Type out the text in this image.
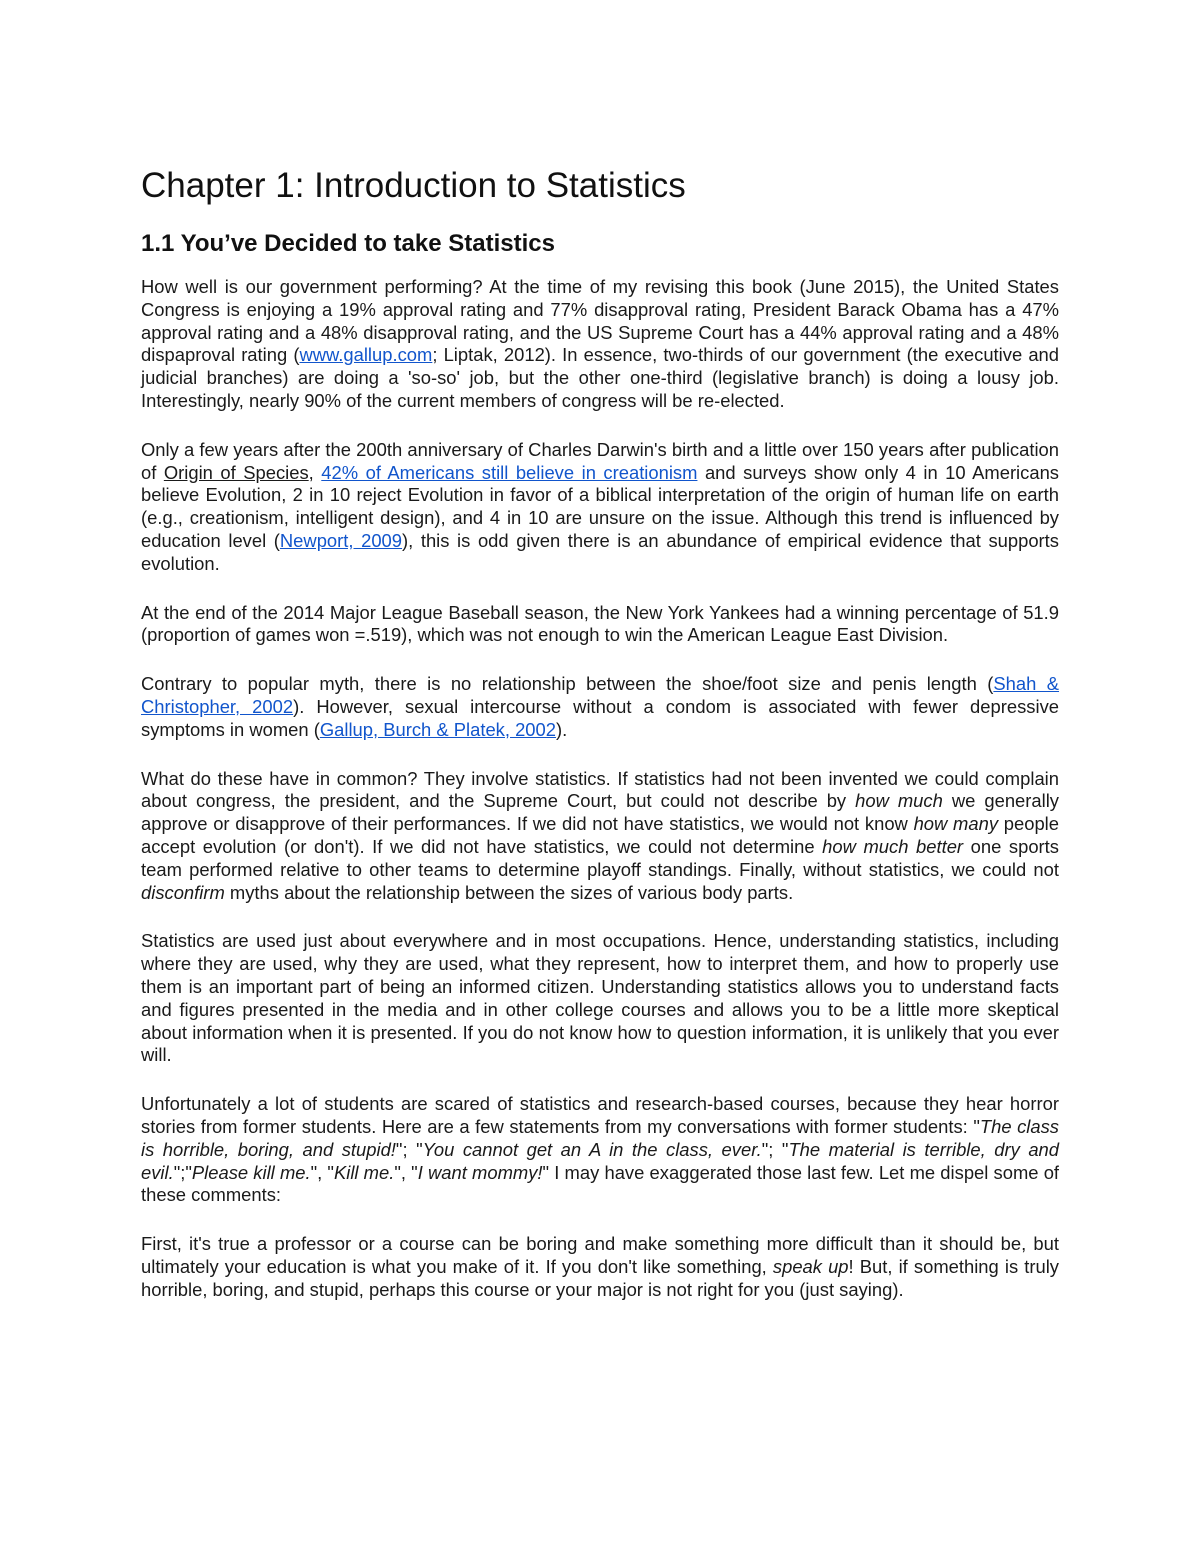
Chapter 1: Introduction to Statistics
1.1 You’ve Decided to take Statistics

How well is our government performing? At the time of my revising this book (June 2015), the United States Congress is enjoying a 19% approval rating and 77% disapproval rating, President Barack Obama has a 47% approval rating and a 48% disapproval rating, and the US Supreme Court has a 44% approval rating and a 48% dispaproval rating (www.gallup.com; Liptak, 2012). In essence, two-thirds of our government (the executive and judicial branches) are doing a 'so-so' job, but the other one-third (legislative branch) is doing a lousy job. Interestingly, nearly 90% of the current members of congress will be re-elected.

Only a few years after the 200th anniversary of Charles Darwin's birth and a little over 150 years after publication of Origin of Species, 42% of Americans still believe in creationism and surveys show only 4 in 10 Americans believe Evolution, 2 in 10 reject Evolution in favor of a biblical interpretation of the origin of human life on earth (e.g., creationism, intelligent design), and 4 in 10 are unsure on the issue. Although this trend is influenced by education level (Newport, 2009), this is odd given there is an abundance of empirical evidence that supports evolution.

At the end of the 2014 Major League Baseball season, the New York Yankees had a winning percentage of 51.9 (proportion of games won =.519), which was not enough to win the American League East Division.

Contrary to popular myth, there is no relationship between the shoe/foot size and penis length (Shah & Christopher, 2002). However, sexual intercourse without a condom is associated with fewer depressive symptoms in women (Gallup, Burch & Platek, 2002).

What do these have in common? They involve statistics. If statistics had not been invented we could complain about congress, the president, and the Supreme Court, but could not describe by how much we generally approve or disapprove of their performances. If we did not have statistics, we would not know how many people accept evolution (or don't). If we did not have statistics, we could not determine how much better one sports team performed relative to other teams to determine playoff standings. Finally, without statistics, we could not disconfirm myths about the relationship between the sizes of various body parts.

Statistics are used just about everywhere and in most occupations. Hence, understanding statistics, including where they are used, why they are used, what they represent, how to interpret them, and how to properly use them is an important part of being an informed citizen. Understanding statistics allows you to understand facts and figures presented in the media and in other college courses and allows you to be a little more skeptical about information when it is presented. If you do not know how to question information, it is unlikely that you ever will.

Unfortunately a lot of students are scared of statistics and research-based courses, because they hear horror stories from former students. Here are a few statements from my conversations with former students: "The class is horrible, boring, and stupid!"; "You cannot get an A in the class, ever."; "The material is terrible, dry and evil.";"Please kill me.", "Kill me.", "I want mommy!" I may have exaggerated those last few. Let me dispel some of these comments:

First, it's true a professor or a course can be boring and make something more difficult than it should be, but ultimately your education is what you make of it. If you don't like something, speak up! But, if something is truly horrible, boring, and stupid, perhaps this course or your major is not right for you (just saying).
